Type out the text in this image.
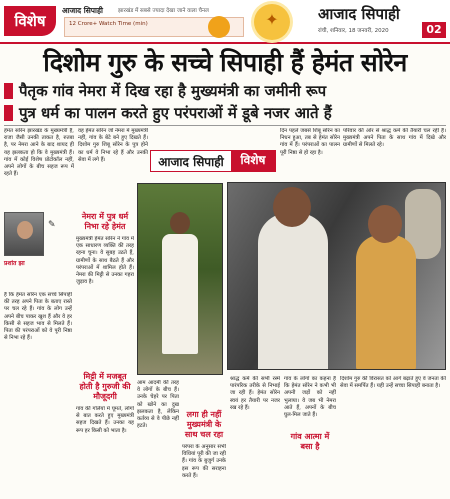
विशेष
आजाद सिपाही	झारखंड में सबसे ज्यादा देखा जाने वाला चैनल
12 Crore+ Watch Time (min)
✦
आजाद सिपाही
रांची, शनिवार, 18 जनवरी, 2020	02
दिशोम गुरु के सच्चे सिपाही हैं हेमंत सोरेन
पैतृक गांव नेमरा में दिख रहा है मुख्यमंत्री का जमीनी रूप
पुत्र धर्म का पालन करते हुए परंपराओं में डूबे नजर आते हैं
हेमंत सोरेन झारखंड के मुख्यमंत्री हैं, राजा जैसी उनकी ताकत है, रुतबा है, पर नेमरा आने के बाद शायद ही यह झलकता हो कि वे मुख्यमंत्री हैं। गांव में कोई विशेष प्रोटोकॉल नहीं, अपने लोगों के बीच सहज रूप में रहते हैं।
वह हेमंत सोरेन जो नेमरा में मुख्यमंत्री नहीं, गांव के बेटे बने हुए दिखते हैं। दिशोम गुरु शिबू सोरेन के पुत्र होने का धर्म वे निभा रहे हैं और उनकी सेवा में लगे हैं।
दिन पहले जबसे शिबू सोरेन का निधन हुआ, तब से हेमंत सोरेन गांव में हैं। परंपराओं का पालन पूरी निष्ठा से हो रहा है।
परिवार की ओर से श्राद्ध कर्म की तैयारी चल रही है। मुख्यमंत्री अपने पिता के साथ गांव में दिखे और ग्रामीणों से मिलते रहे।
आजाद सिपाही	विशेष
✎
प्रशांत झा
है कि हेमंत सोरेन एक सच्चे सिपाही की तरह अपने पिता के बताए रास्ते पर चल रहे हैं। गांव के लोग उन्हें अपने बीच पाकर खुश हैं और वे हर किसी से सहज भाव से मिलते हैं। पिता की परंपराओं को वे पूरी निष्ठा से निभा रहे हैं।
नेमरा में पुत्र धर्म निभा रहे हेमंत
मुख्यमंत्री हेमंत सोरेन ने गांव में एक साधारण व्यक्ति की तरह रहना चुना। वे सुबह उठते हैं, ग्रामीणों के साथ बैठते हैं और परंपराओं में शामिल होते हैं। नेमरा की मिट्टी से उनका गहरा जुड़ाव है।
मिट्टी में मजबूत होती है गुरुजी की मौजूदगी
गांव की गलियों में घूमते, लोगों से बात करते हुए मुख्यमंत्री सहज दिखते हैं। उनका यह रूप हर किसी को भाता है।
आम आदमी की तरह वे लोगों के बीच हैं। उनके चेहरे पर पिता को खोने का दुख झलकता है, लेकिन कर्तव्य से वे पीछे नहीं हटते।
लगा ही नहीं मुख्यमंत्री के साथ चल रहा
परंपरा के अनुसार सभी विधियां पूरी की जा रही हैं। गांव के बुजुर्ग उनके इस रूप की सराहना करते हैं।
श्राद्ध कर्म की सभी रस्में पारंपरिक तरीके से निभाई जा रही हैं। हेमंत सोरेन स्वयं हर तैयारी पर नजर रख रहे हैं।
गांव के लोगों का कहना है कि हेमंत सोरेन ने कभी भी अपनी जड़ों को नहीं भुलाया। वे जब भी नेमरा आते हैं, अपनों के बीच घुल-मिल जाते हैं।
गांव आत्मा में बसा है
दिशोम गुरु की विरासत को आगे बढ़ाते हुए वे जनता की सेवा में समर्पित हैं। यही उन्हें सच्चा सिपाही बनाता है।
